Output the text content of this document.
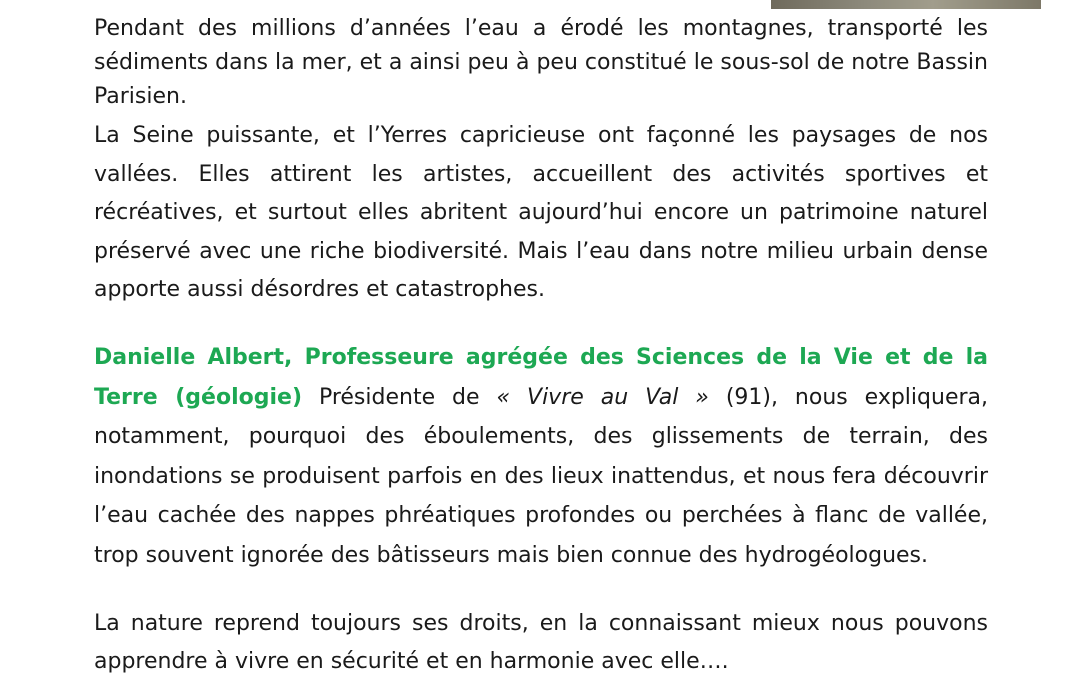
Pendant des millions d’années l’eau a érodé les montagnes, transporté les sédiments dans la mer, et a ainsi peu à peu constitué le sous-sol de notre Bassin Parisien.

La Seine puissante, et l’Yerres capricieuse ont façonné les paysages de nos vallées. Elles attirent les artistes, accueillent des activités sportives et récréatives, et surtout elles abritent aujourd’hui encore un patrimoine naturel préservé avec une riche biodiversité. Mais l’eau dans notre milieu urbain dense apporte aussi désordres et catastrophes.

Danielle Albert, Professeure agrégée des Sciences de la Vie et de la Terre (géologie) Présidente de « Vivre au Val » (91), nous expliquera, notamment, pourquoi des éboulements, des glissements de terrain, des inondations se produisent parfois en des lieux inattendus, et nous fera découvrir l’eau cachée des nappes phréatiques profondes ou perchées à flanc de vallée, trop souvent ignorée des bâtisseurs mais bien connue des hydrogéologues.

La nature reprend toujours ses droits, en la connaissant mieux nous pouvons apprendre à vivre en sécurité et en harmonie avec elle….
